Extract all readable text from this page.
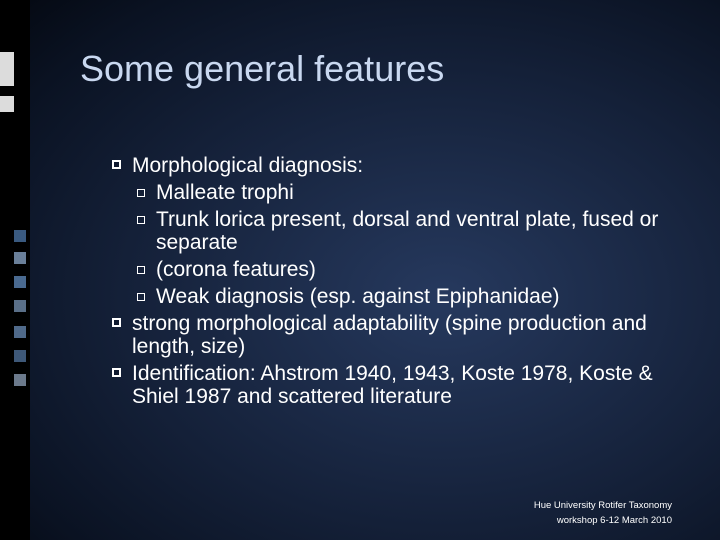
Some general features
Morphological diagnosis:
Malleate trophi
Trunk lorica present, dorsal and ventral plate, fused or separate
(corona features)
Weak diagnosis (esp. against Epiphanidae)
strong morphological adaptability (spine production and length, size)
Identification: Ahstrom 1940, 1943, Koste 1978, Koste & Shiel 1987 and scattered literature
Hue University Rotifer Taxonomy
workshop 6-12 March 2010
